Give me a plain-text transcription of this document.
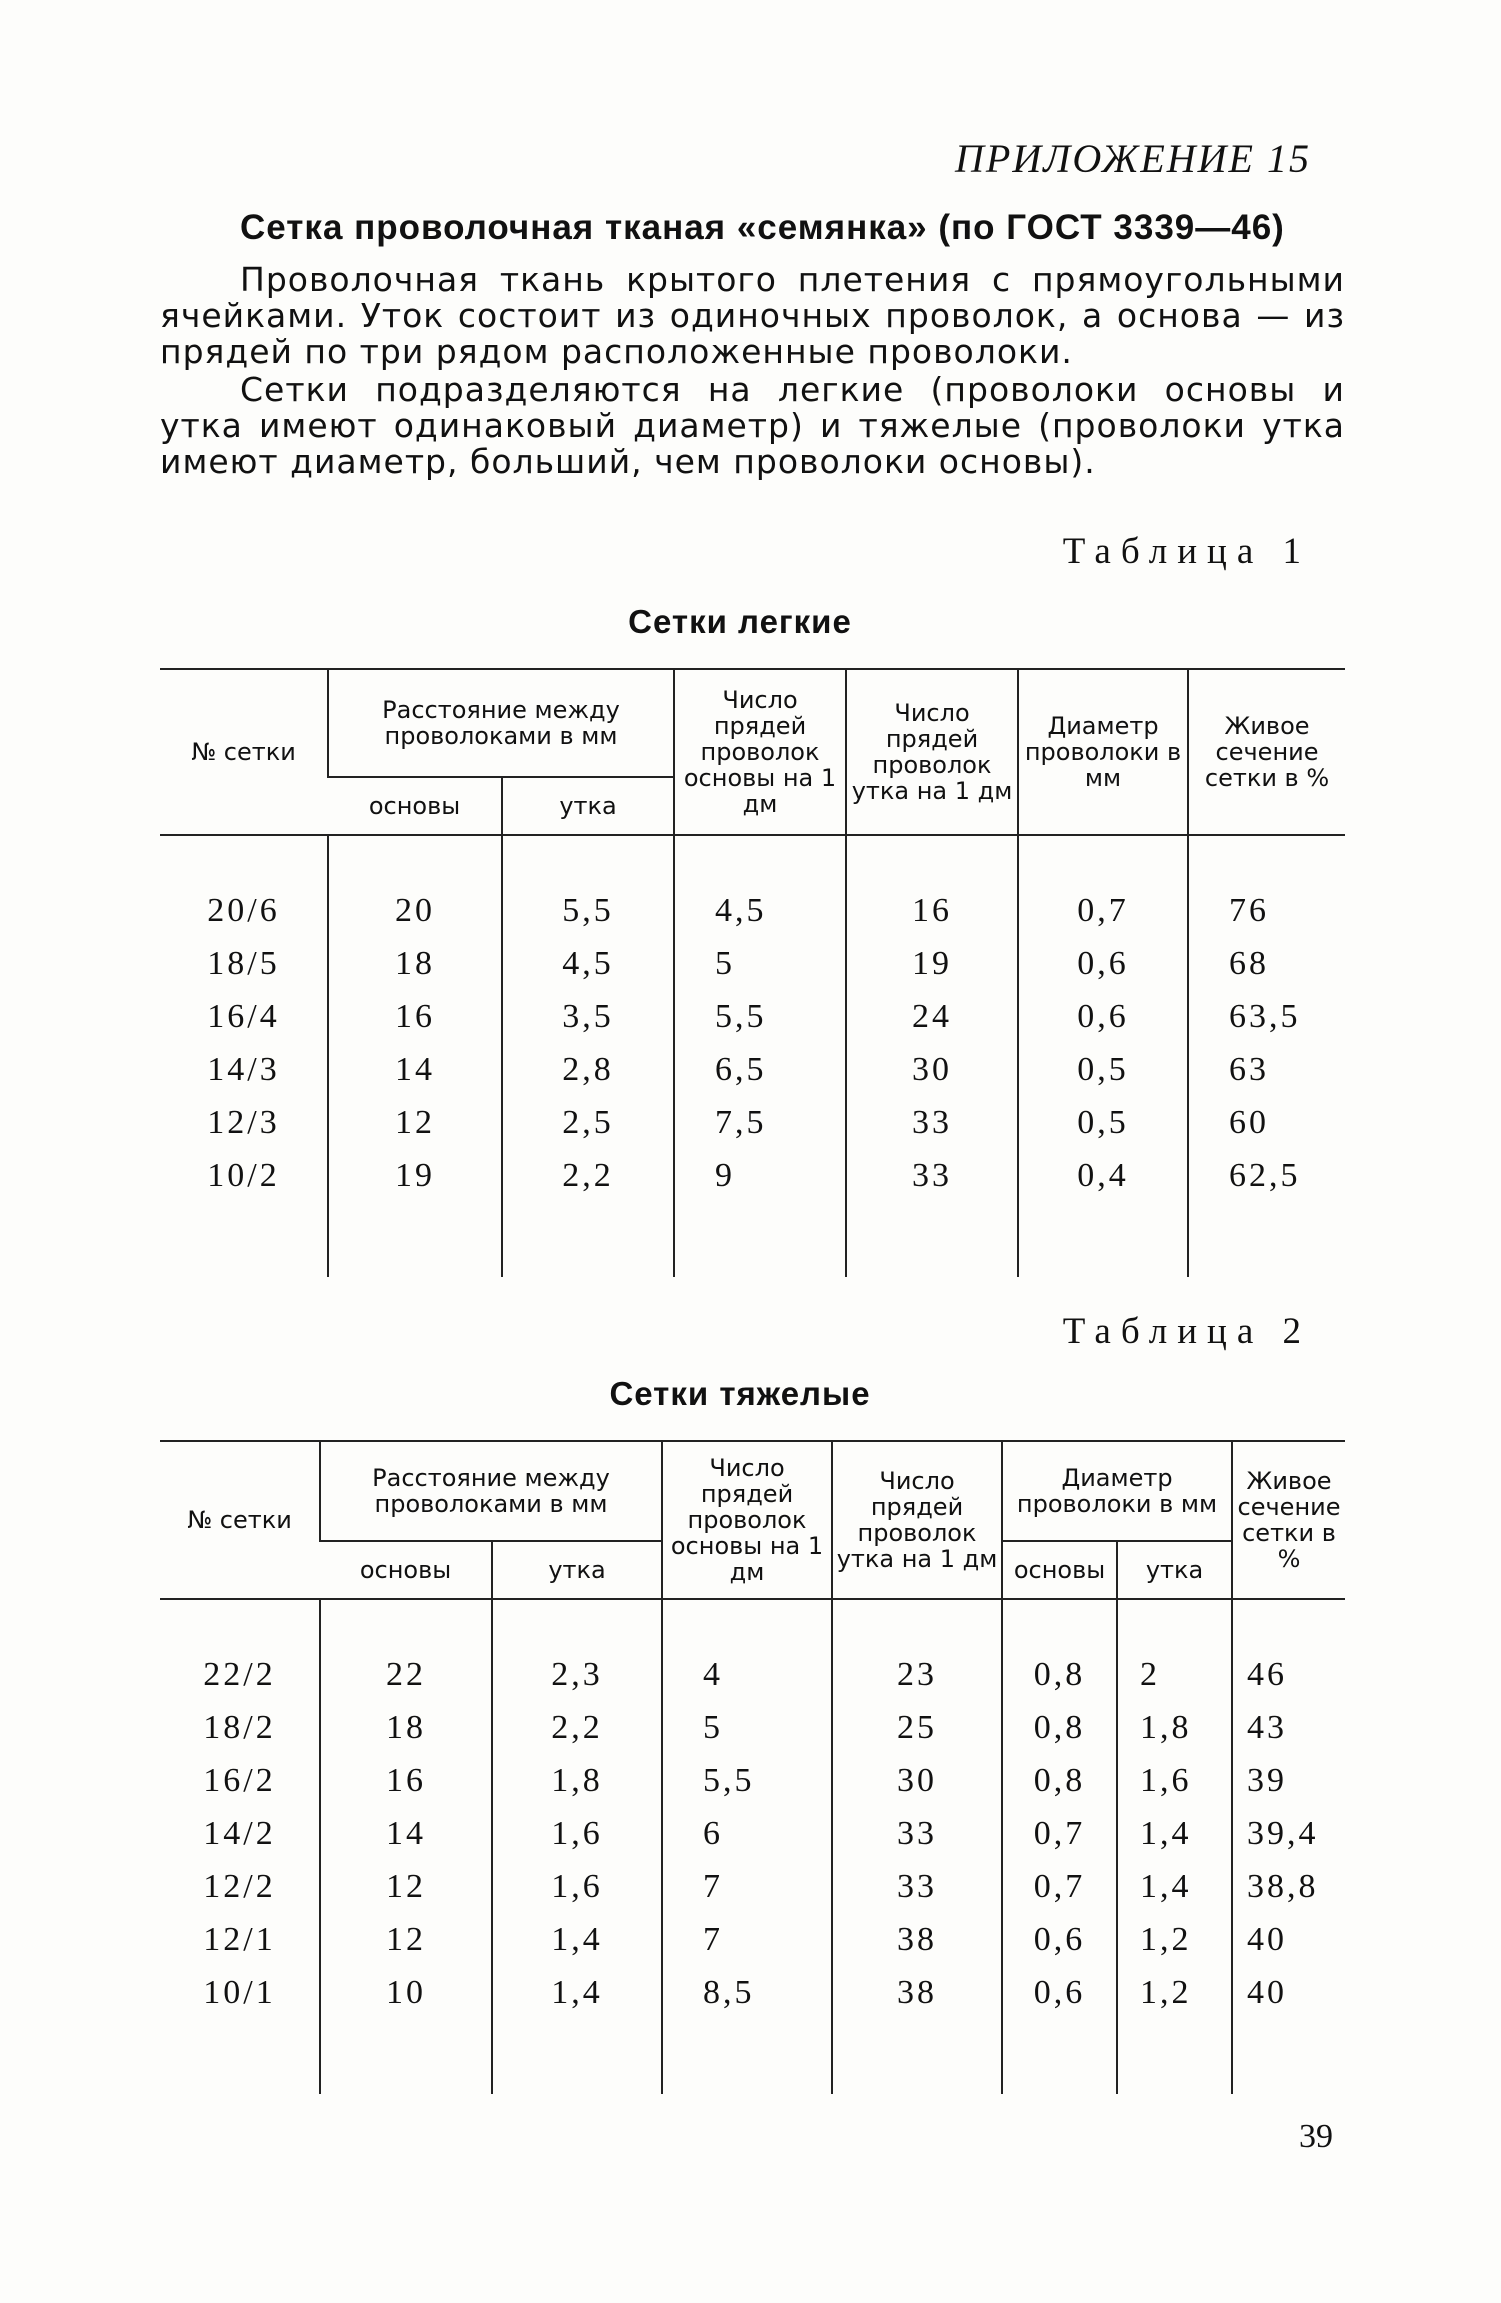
ПРИЛОЖЕНИЕ 15
Сетка проволочная тканая «семянка» (по ГОСТ 3339—46)
Проволочная ткань крытого плетения с прямоугольными ячейками. Уток состоит из одиночных проволок, а основа — из прядей по три рядом расположенные проволоки.
Сетки подразделяются на легкие (проволоки основы и утка имеют одинаковый диаметр) и тяжелые (проволоки утка имеют диаметр, больший, чем проволоки основы).
Таблица 1
Сетки легкие
№ сетки	Расстояние между проволоками в мм		Число прядей проволок основы на 1 дм	Число прядей проволок утка на 1 дм	Диаметр проволоки в мм	Живое сечение сетки в %
	основы	утка				

20/6	20	5,5	4,5	16	0,7	76
18/5	18	4,5	5	19	0,6	68
16/4	16	3,5	5,5	24	0,6	63,5
14/3	14	2,8	6,5	30	0,5	63
12/3	12	2,5	7,5	33	0,5	60
10/2	19	2,2	9	33	0,4	62,5

Таблица 2
Сетки тяжелые
№ сетки	Расстояние между проволоками в мм		Число прядей проволок основы на 1 дм	Число прядей проволок утка на 1 дм	Диаметр проволоки в мм		Живое сечение сетки в %
	основы	утка			основы	утка	

22/2	22	2,3	4	23	0,8	2	46
18/2	18	2,2	5	25	0,8	1,8	43
16/2	16	1,8	5,5	30	0,8	1,6	39
14/2	14	1,6	6	33	0,7	1,4	39,4
12/2	12	1,6	7	33	0,7	1,4	38,8
12/1	12	1,4	7	38	0,6	1,2	40
10/1	10	1,4	8,5	38	0,6	1,2	40

39
